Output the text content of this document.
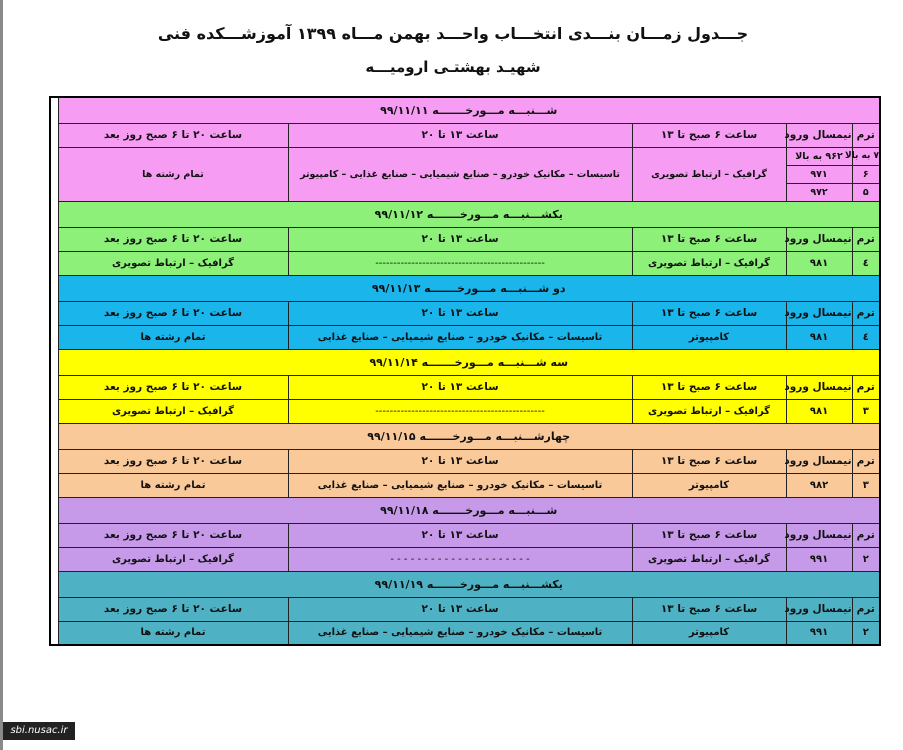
جـــدول زمـــان بنـــدی انتخـــاب واحـــد بهمن مـــاه ۱۳۹۹ آموزشـــکده فنی
شهیـد بهشتـی ارومیـــه
شـــنبـــه مـــورخـــــــه ۹۹/۱۱/۱۱					
ترم	نیمسال ورود	ساعت ۶ صبح تا ۱۳	ساعت ۱۳ تا ۲۰	ساعت ۲۰ تا ۶ صبح روز بعد	
۷ به بالا	۹۶۲ به بالا	گرافیک – ارتباط تصویری	تاسیسات – مکانیک خودرو – صنایع شیمیایی – صنایع غذایی – کامپیوتر	تمام رشته ها	
۶	۹۷۱				
۵	۹۷۲				
یکشـــنبـــه مـــورخـــــــه ۹۹/۱۱/۱۲					
ترم	نیمسال ورود	ساعت ۶ صبح تا ۱۳	ساعت ۱۳ تا ۲۰	ساعت ۲۰ تا ۶ صبح روز بعد	
٤	۹۸۱	گرافیک – ارتباط تصویری	-----------------------------------------------	گرافیک – ارتباط تصویری	
دو شـــنبـــه مـــورخـــــــه ۹۹/۱۱/۱۳					
ترم	نیمسال ورود	ساعت ۶ صبح تا ۱۳	ساعت ۱۳ تا ۲۰	ساعت ۲۰ تا ۶ صبح روز بعد	
٤	۹۸۱	کامپیوتر	تاسیسات – مکانیک خودرو – صنایع شیمیایی – صنایع غذایی	تمام رشته ها	
سه شـــنبـــه مـــورخـــــــه ۹۹/۱۱/۱۴					
ترم	نیمسال ورود	ساعت ۶ صبح تا ۱۳	ساعت ۱۳ تا ۲۰	ساعت ۲۰ تا ۶ صبح روز بعد	
۳	۹۸۱	گرافیک – ارتباط تصویری	-----------------------------------------------	گرافیک – ارتباط تصویری	
چهارشـــنبـــه مـــورخـــــــه ۹۹/۱۱/۱۵					
ترم	نیمسال ورود	ساعت ۶ صبح تا ۱۳	ساعت ۱۳ تا ۲۰	ساعت ۲۰ تا ۶ صبح روز بعد	
۳	۹۸۲	کامپیوتر	تاسیسات – مکانیک خودرو – صنایع شیمیایی – صنایع غذایی	تمام رشته ها	
شـــنبـــه مـــورخـــــــه ۹۹/۱۱/۱۸					
ترم	نیمسال ورود	ساعت ۶ صبح تا ۱۳	ساعت ۱۳ تا ۲۰	ساعت ۲۰ تا ۶ صبح روز بعد	
۲	۹۹۱	گرافیک – ارتباط تصویری	- - - - - - - - - - - - - - - - - - - - -	گرافیک – ارتباط تصویری	
یکشـــنبـــه مـــورخـــــــه ۹۹/۱۱/۱۹					
ترم	نیمسال ورود	ساعت ۶ صبح تا ۱۳	ساعت ۱۳ تا ۲۰	ساعت ۲۰ تا ۶ صبح روز بعد	
۲	۹۹۱	کامپیوتر	تاسیسات – مکانیک خودرو – صنایع شیمیایی – صنایع غذایی	تمام رشته ها	
sbi.nusac.ir
